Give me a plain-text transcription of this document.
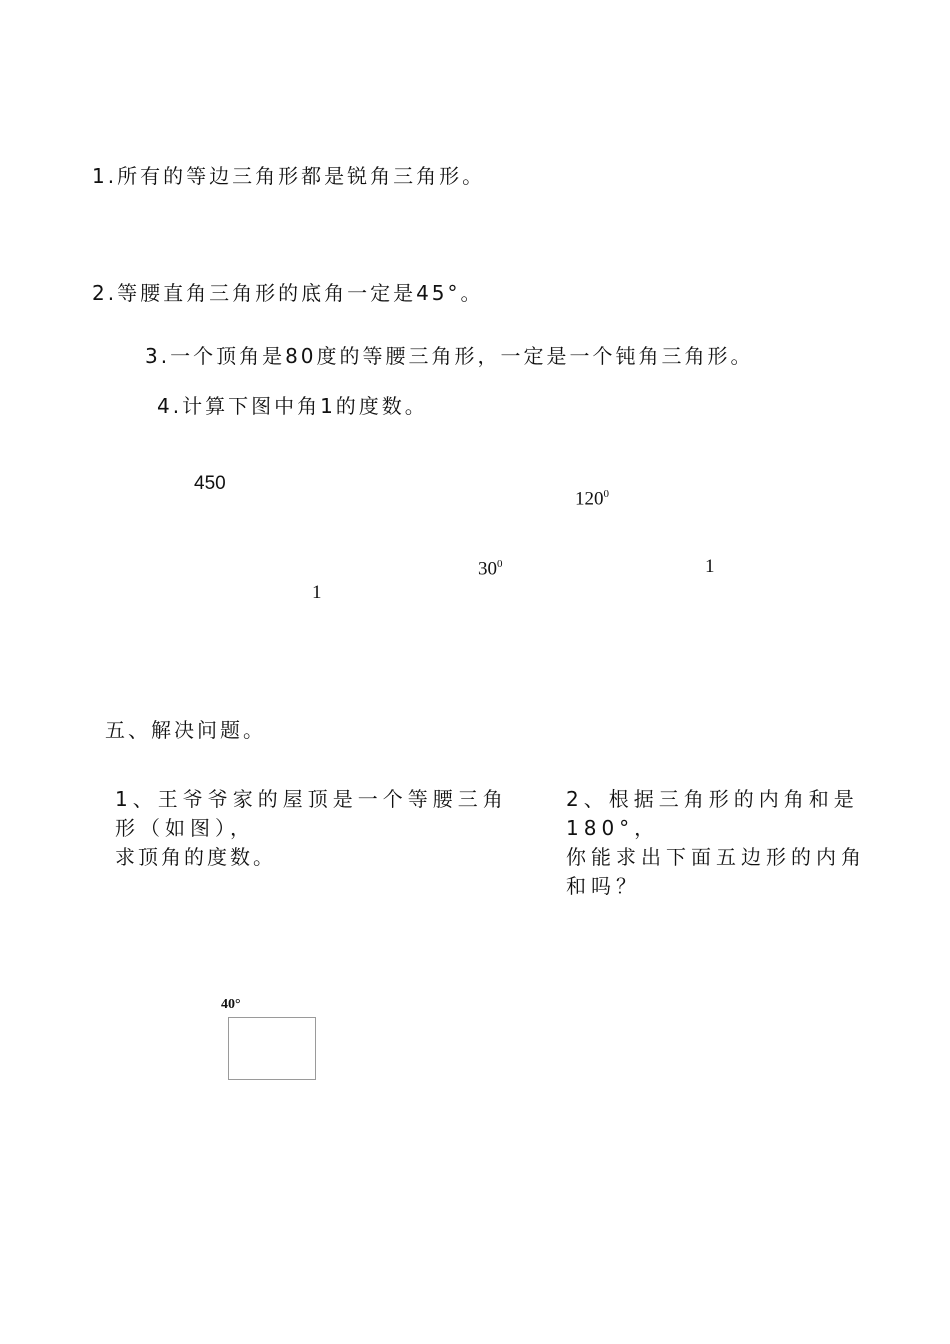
1.所有的等边三角形都是锐角三角形。
2.等腰直角三角形的底角一定是45°。
3.一个顶角是80度的等腰三角形，一定是一个钝角三角形。
4.计算下图中角1的度数。
450
$120^0$
$30^0$	1
1
五、解决问题。
1、王爷爷家的屋顶是一个等腰三角
形（如图），
求顶角的度数。
2、根据三角形的内角和是
180°，
你能求出下面五边形的内角
和吗？
40°
